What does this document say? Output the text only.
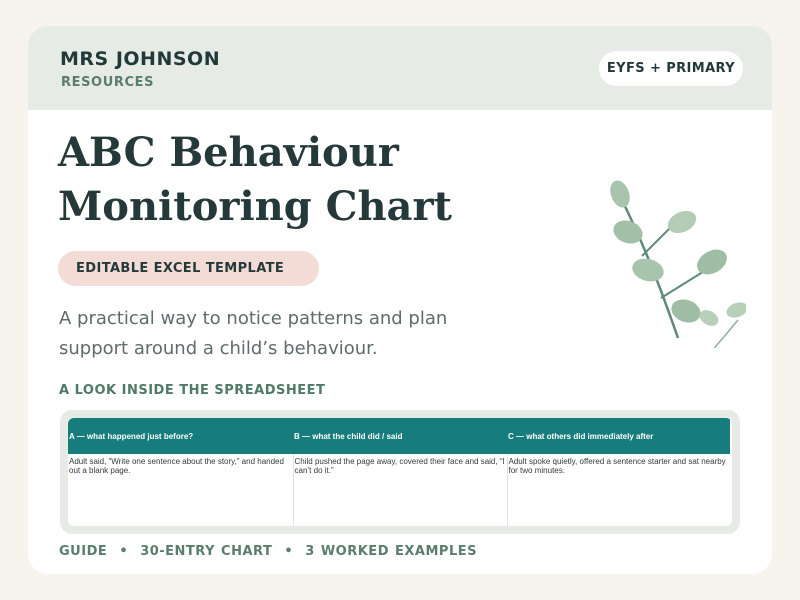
MRS JOHNSON
RESOURCES
EYFS + PRIMARY
ABC Behaviour
Monitoring Chart
EDITABLE EXCEL TEMPLATE
A practical way to notice patterns and plan support around a child’s behaviour.
A LOOK INSIDE THE SPREADSHEET
A — what happened just before?	B — what the child did / said	C — what others did immediately after
Adult said, “Write one sentence about the story,” and handed out a blank page.	Child pushed the page away, covered their face and said, “I can’t do it.”	Adult spoke quietly, offered a sentence starter and sat nearby for two minutes.
GUIDE • 30-ENTRY CHART • 3 WORKED EXAMPLES
